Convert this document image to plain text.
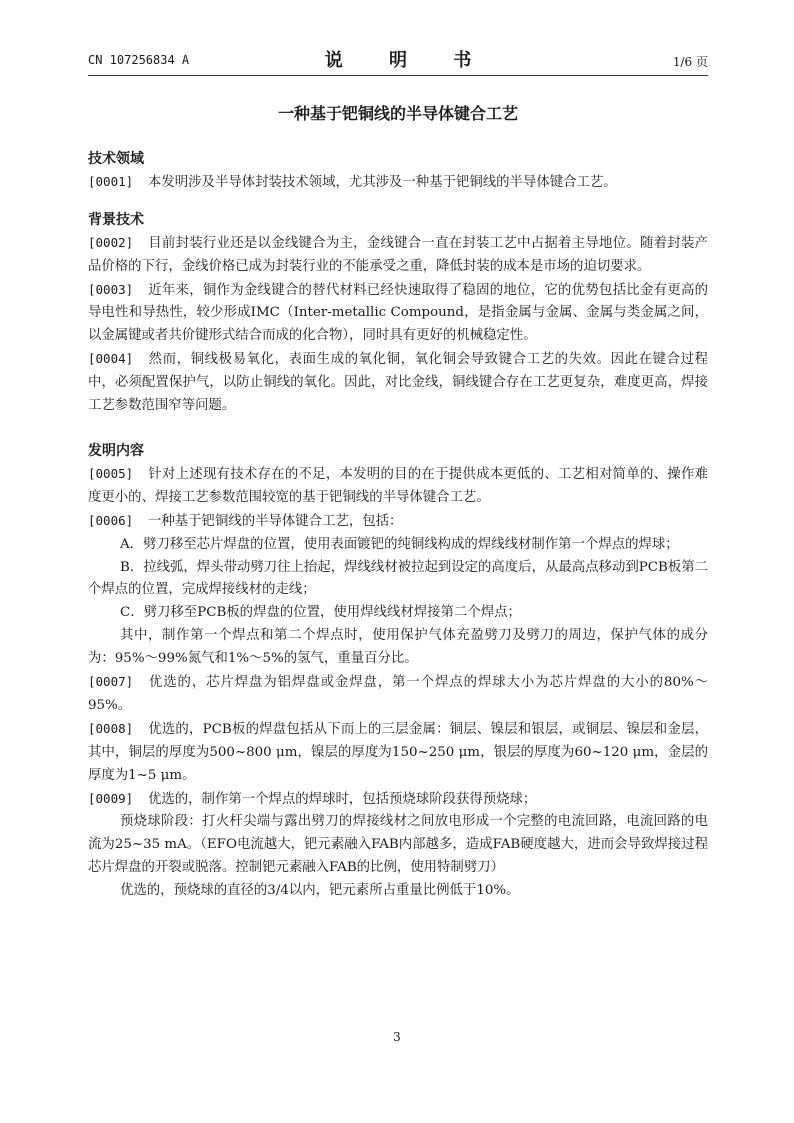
CN 107256834 A	说 明 书	1/6 页
一种基于钯铜线的半导体键合工艺

技术领域

[0001] 本发明涉及半导体封装技术领域，尤其涉及一种基于钯铜线的半导体键合工艺。

背景技术

[0002] 目前封装行业还是以金线键合为主，金线键合一直在封装工艺中占据着主导地位。随着封装产品价格的下行，金线价格已成为封装行业的不能承受之重，降低封装的成本是市场的迫切要求。

[0003] 近年来，铜作为金线键合的替代材料已经快速取得了稳固的地位，它的优势包括比金有更高的导电性和导热性，较少形成IMC（Inter-metallic Compound，是指金属与金属、金属与类金属之间，以金属键或者共价键形式结合而成的化合物），同时具有更好的机械稳定性。

[0004] 然而，铜线极易氧化，表面生成的氧化铜，氧化铜会导致键合工艺的失效。因此在键合过程中，必须配置保护气，以防止铜线的氧化。因此，对比金线，铜线键合存在工艺更复杂，难度更高，焊接工艺参数范围窄等问题。

发明内容

[0005] 针对上述现有技术存在的不足，本发明的目的在于提供成本更低的、工艺相对简单的、操作难度更小的、焊接工艺参数范围较宽的基于钯铜线的半导体键合工艺。

[0006] 一种基于钯铜线的半导体键合工艺，包括：

A．劈刀移至芯片焊盘的位置，使用表面镀钯的纯铜线构成的焊线线材制作第一个焊点的焊球；

B．拉线弧，焊头带动劈刀往上抬起，焊线线材被拉起到设定的高度后，从最高点移动到PCB板第二个焊点的位置，完成焊接线材的走线；

C．劈刀移至PCB板的焊盘的位置，使用焊线线材焊接第二个焊点；

其中，制作第一个焊点和第二个焊点时，使用保护气体充盈劈刀及劈刀的周边，保护气体的成分为：95%～99%氮气和1%～5%的氢气，重量百分比。

[0007] 优选的，芯片焊盘为铝焊盘或金焊盘，第一个焊点的焊球大小为芯片焊盘的大小的80%～95%。

[0008] 优选的，PCB板的焊盘包括从下而上的三层金属：铜层、镍层和银层，或铜层、镍层和金层，其中，铜层的厚度为500~800 μm，镍层的厚度为150~250 μm，银层的厚度为60~120 μm，金层的厚度为1~5 μm。

[0009] 优选的，制作第一个焊点的焊球时，包括预烧球阶段获得预烧球；

预烧球阶段：打火杆尖端与露出劈刀的焊接线材之间放电形成一个完整的电流回路，电流回路的电流为25~35 mA。（EFO电流越大，钯元素融入FAB内部越多，造成FAB硬度越大，进而会导致焊接过程芯片焊盘的开裂或脱落。控制钯元素融入FAB的比例，使用特制劈刀）

优选的，预烧球的直径的3/4以内，钯元素所占重量比例低于10%。

3
